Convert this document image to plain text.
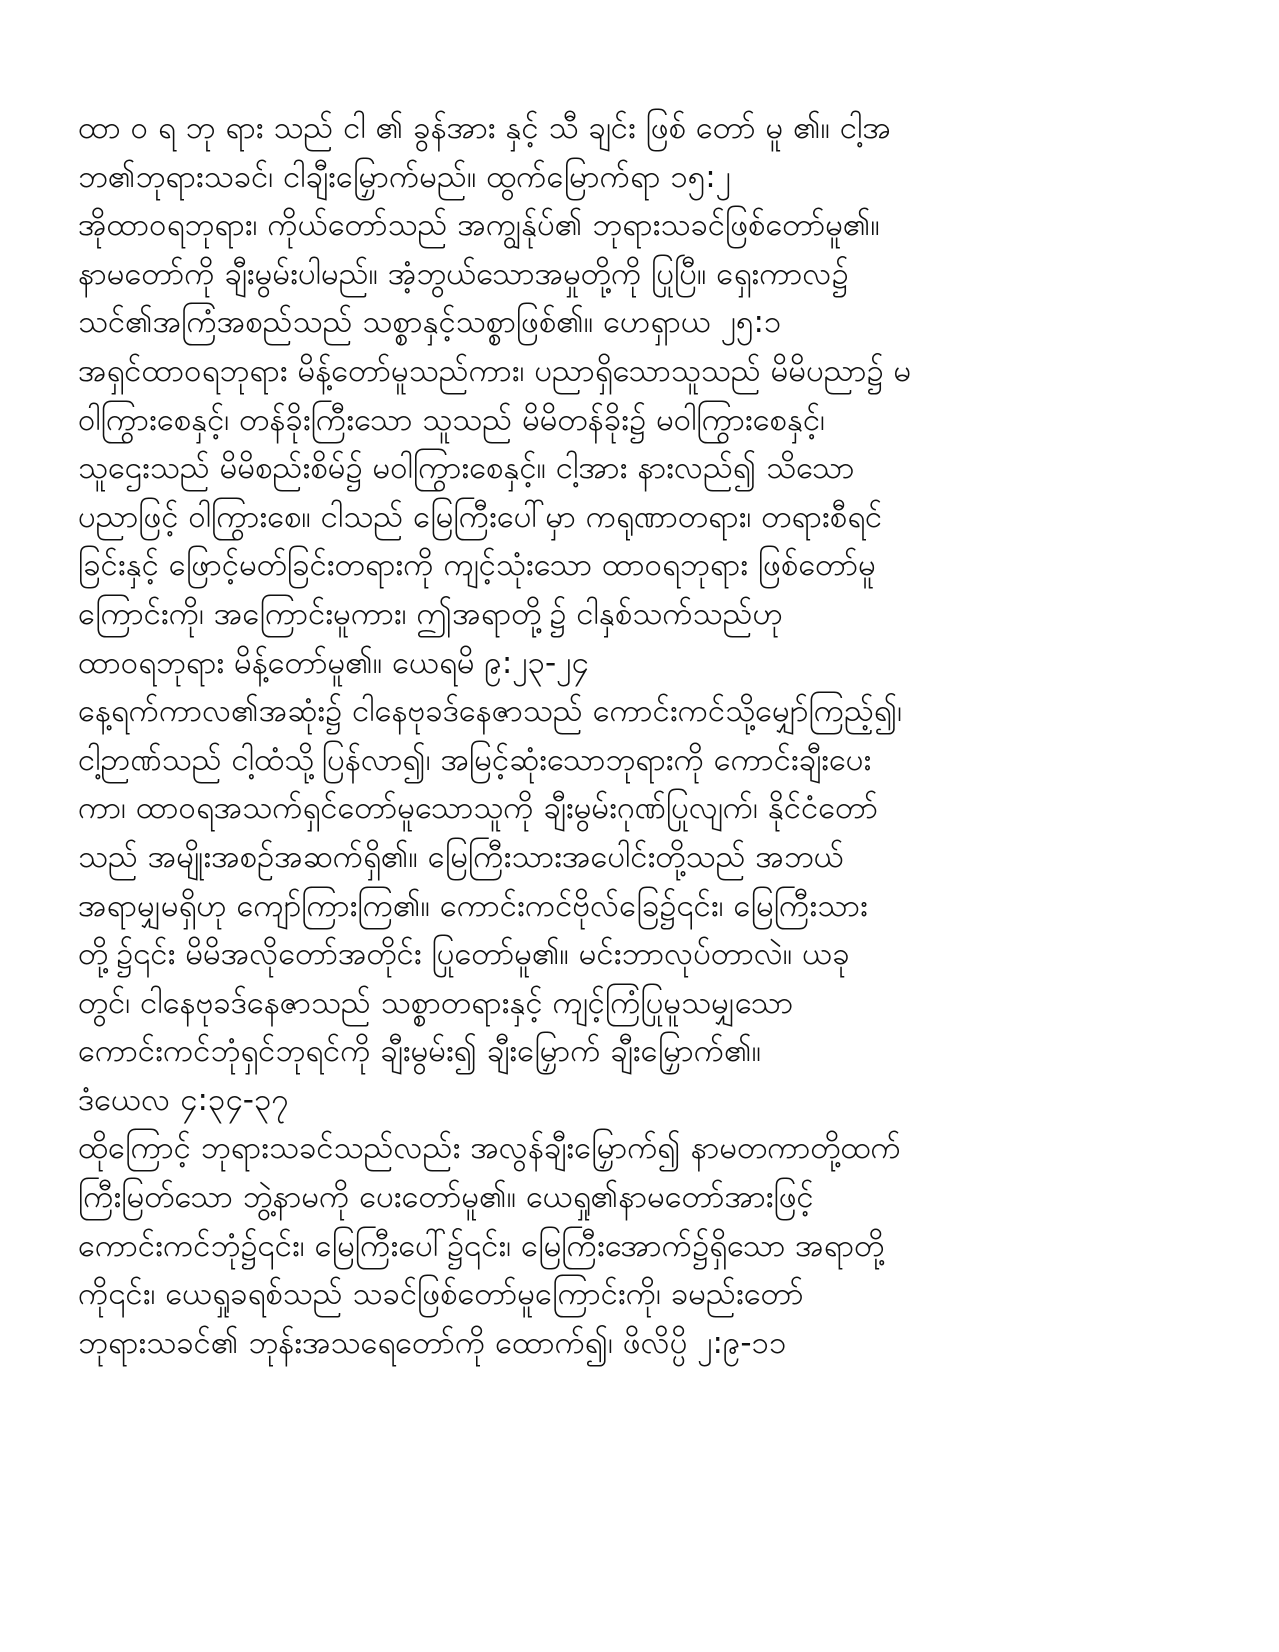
ထာ ဝ ရ ဘု ရား သည် ငါ ၏ ခွန်အား နှင့် သီ ချင်း ဖြစ် တော် မူ ၏။ ငါ့အ
ဘ၏ဘုရားသခင်၊ ငါချီးမြှောက်မည်။ ထွက်မြောက်ရာ ၁၅:၂
အိုထာဝရဘုရား၊ ကိုယ်တော်သည် အကျွန်ုပ်၏ ဘုရားသခင်ဖြစ်တော်မူ၏။
နာမတော်ကို ချီးမွမ်းပါမည်။ အံ့ဘွယ်သောအမှုတို့ကို ပြုပြီ။ ရှေးကာလ၌
သင်၏အကြံအစည်သည် သစ္စာနှင့်သစ္စာဖြစ်၏။ ဟေရှာယ ၂၅:၁
အရှင်ထာဝရဘုရား မိန့်တော်မူသည်ကား၊ ပညာရှိသောသူသည် မိမိပညာ၌ မ
ဝါကြွားစေနှင့်၊ တန်ခိုးကြီးသော သူသည် မိမိတန်ခိုး၌ မဝါကြွားစေနှင့်၊
သူဌေးသည် မိမိစည်းစိမ်၌ မဝါကြွားစေနှင့်။ ငါ့အား နားလည်၍ သိသော
ပညာဖြင့် ဝါကြွားစေ။ ငါသည် မြေကြီးပေါ်မှာ ကရုဏာတရား၊ တရားစီရင်
ခြင်းနှင့် ဖြောင့်မတ်ခြင်းတရားကို ကျင့်သုံးသော ထာဝရဘုရား ဖြစ်တော်မူ
ကြောင်းကို၊ အကြောင်းမူကား၊ ဤအရာတို့၌ ငါနှစ်သက်သည်ဟု
ထာဝရဘုရား မိန့်တော်မူ၏။ ယေရမိ ၉:၂၃-၂၄
နေ့ရက်ကာလ၏အဆုံး၌ ငါနေဗုခဒ်နေဇာသည် ကောင်းကင်သို့မျှော်ကြည့်၍၊
ငါ့ဉာဏ်သည် ငါ့ထံသို့ပြန်လာ၍၊ အမြင့်ဆုံးသောဘုရားကို ကောင်းချီးပေး
ကာ၊ ထာဝရအသက်ရှင်တော်မူသောသူကို ချီးမွမ်းဂုဏ်ပြုလျက်၊ နိုင်ငံတော်
သည် အမျိုးအစဉ်အဆက်ရှိ၏။ မြေကြီးသားအပေါင်းတို့သည် အဘယ်
အရာမျှမရှိဟု ကျော်ကြားကြ၏။ ကောင်းကင်ဗိုလ်ခြေ၌၎င်း၊ မြေကြီးသား
တို့၌၎င်း မိမိအလိုတော်အတိုင်း ပြုတော်မူ၏။ မင်းဘာလုပ်တာလဲ။ ယခု
တွင်၊ ငါနေဗုခဒ်နေဇာသည် သစ္စာတရားနှင့် ကျင့်ကြံပြုမူသမျှသော
ကောင်းကင်ဘုံရှင်ဘုရင်ကို ချီးမွမ်း၍ ချီးမြှောက် ချီးမြှောက်၏။
ဒံယေလ ၄:၃၄-၃၇
ထိုကြောင့် ဘုရားသခင်သည်လည်း အလွန်ချီးမြှောက်၍ နာမတကာတို့ထက်
ကြီးမြတ်သော ဘွဲ့နာမကို ပေးတော်မူ၏။ ယေရှု၏နာမတော်အားဖြင့်
ကောင်းကင်ဘုံ၌၎င်း၊ မြေကြီးပေါ်၌၎င်း၊ မြေကြီးအောက်၌ရှိသော အရာတို့
ကို၎င်း၊ ယေရှုခရစ်သည် သခင်ဖြစ်တော်မူကြောင်းကို၊ ခမည်းတော်
ဘုရားသခင်၏ ဘုန်းအသရေတော်ကို ထောက်၍၊ ဖိလိပ္ပိ ၂:၉-၁၁
